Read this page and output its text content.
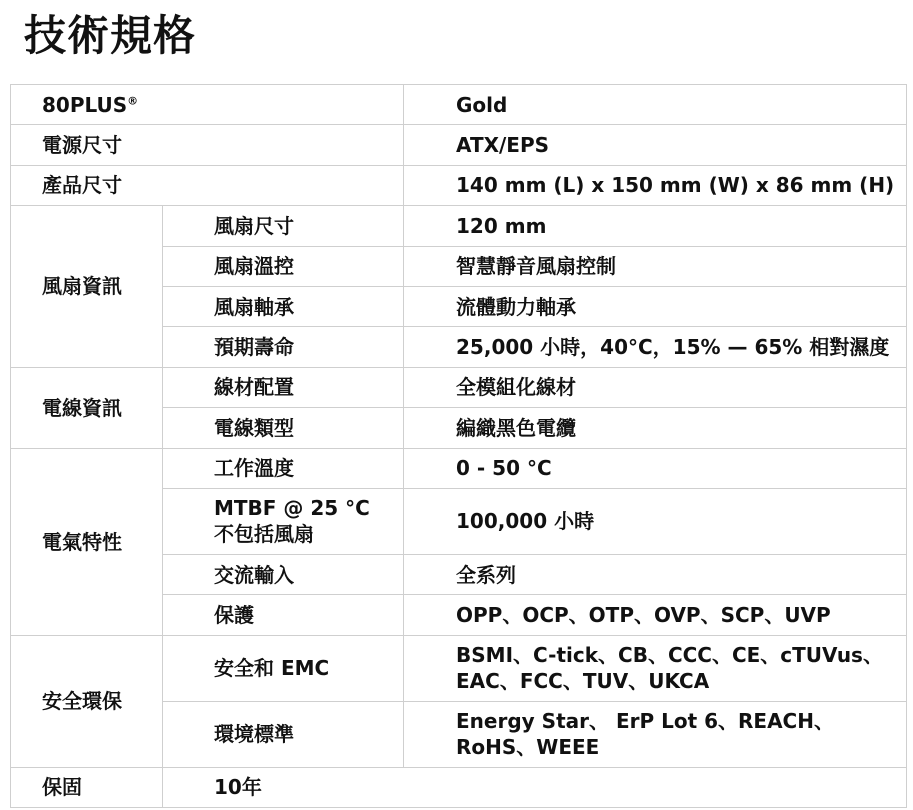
技術規格
80PLUS®		Gold
電源尺寸		ATX/EPS
產品尺寸		140 mm (L) x 150 mm (W) x 86 mm (H)
風扇資訊	風扇尺寸	120 mm
	風扇溫控	智慧靜音風扇控制
	風扇軸承	流體動力軸承
	預期壽命	25,000 小時，40°C，15% — 65% 相對濕度
電線資訊	線材配置	全模組化線材
	電線類型	編織黑色電纜
電氣特性	工作溫度	0 - 50 °C

	MTBF @ 25 °C
不包括風扇	100,000 小時
	交流輸入	全系列
	保護	OPP、OCP、OTP、OVP、SCP、UVP
安全環保	安全和 EMC	BSMI、C-tick、CB、CCC、CE、cTUVus、
EAC、FCC、TUV、UKCA

	環境標準	Energy Star、 ErP Lot 6、REACH、
RoHS、WEEE

保固	10年	
